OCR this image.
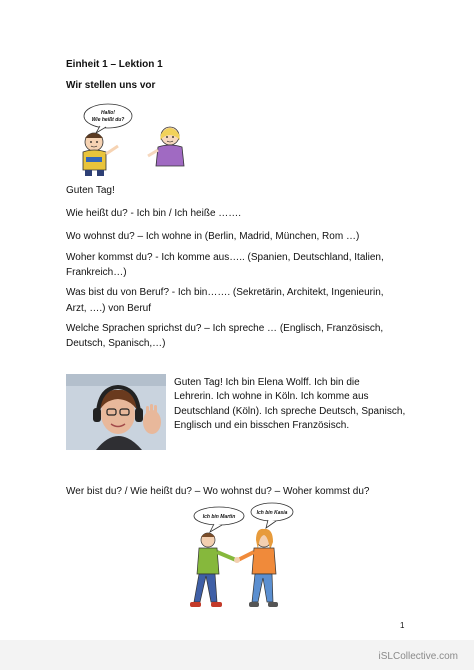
Einheit 1 – Lektion 1
Wir stellen uns vor
Hallo!
Wie heißt du?
Guten Tag!
Wie heißt du? - Ich bin / Ich heiße …….
Wo wohnst du? – Ich wohne in (Berlin, Madrid, München, Rom …)
Woher kommst du? - Ich komme aus….. (Spanien, Deutschland, Italien,
Frankreich…)
Was bist du von Beruf? - Ich bin……. (Sekretärin, Architekt, Ingenieurin,
Arzt, ….) von Beruf
Welche Sprachen sprichst du? – Ich spreche … (Englisch, Französisch,
Deutsch, Spanisch,…)
Guten Tag! Ich bin Elena Wolff. Ich bin die
Lehrerin. Ich wohne in Köln. Ich komme aus
Deutschland (Köln). Ich spreche Deutsch, Spanisch,
Englisch und ein bisschen Französisch.
Wer bist du? / Wie heißt du? – Wo wohnst du? – Woher kommst du?
Ich bin Martin
Ich bin Kasia
1
iSLCollective.com
